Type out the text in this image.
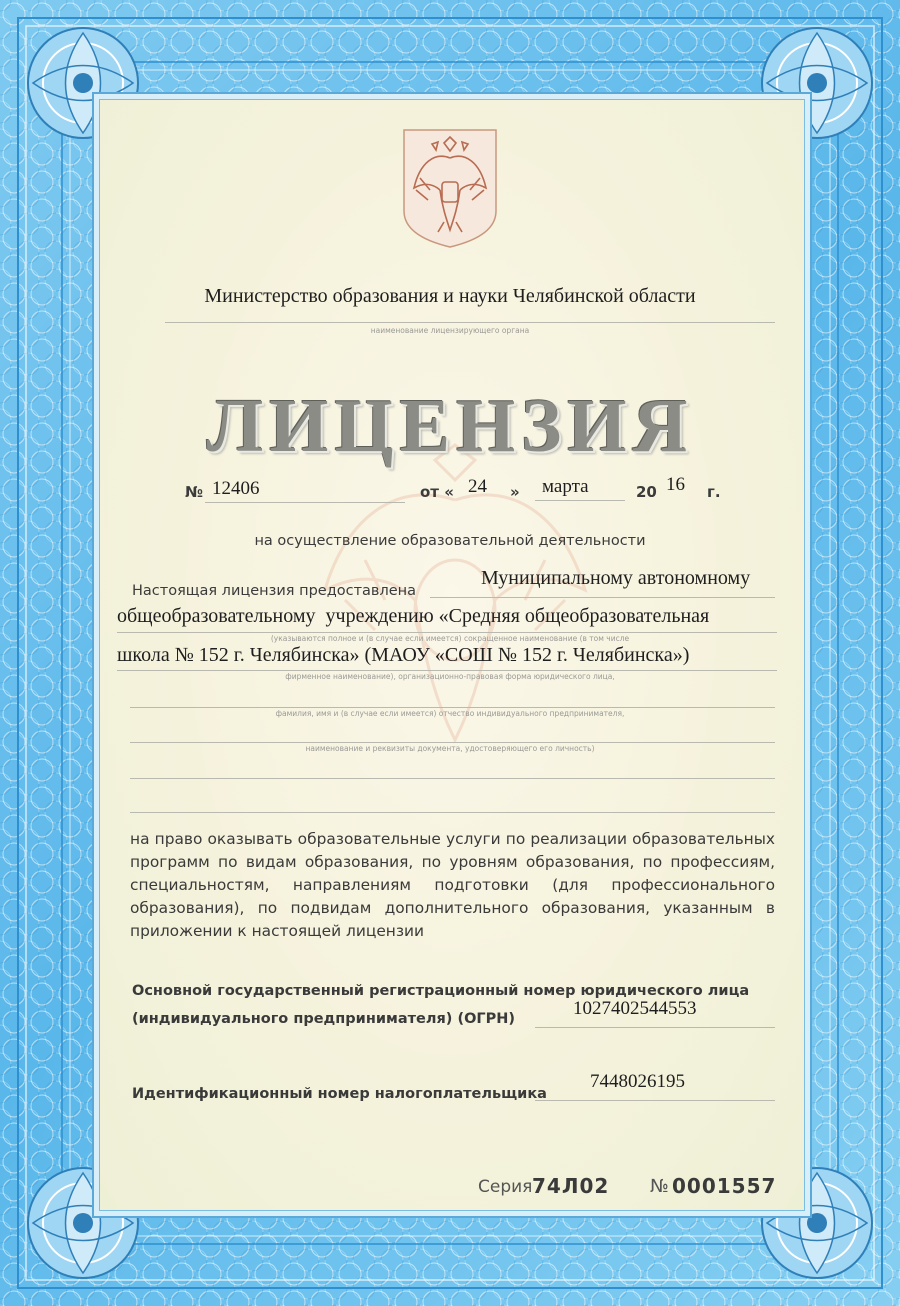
Министерство образования и науки Челябинской области
наименование лицензирующего органа
ЛИЦЕНЗИЯ
№ 12406	от « 24 » марта	20 16 г.
на осуществление образовательной деятельности
Настоящая лицензия предоставлена
Муниципальному автономному
общеобразовательному  учреждению «Средняя общеобразовательная
(указываются полное и (в случае если имеется) сокращенное наименование (в том числе
школа № 152 г. Челябинска» (МАОУ «СОШ № 152 г. Челябинска»)
фирменное наименование), организационно-правовая форма юридического лица,
фамилия, имя и (в случае если имеется) отчество индивидуального предпринимателя,
наименование и реквизиты документа, удостоверяющего его личность)
на право оказывать образовательные услуги по реализации образовательных программ по видам образования, по уровням образования, по профессиям, специальностям, направлениям подготовки (для профессионального образования), по подвидам дополнительного образования, указанным в приложении к настоящей лицензии
Основной государственный регистрационный номер юридического лица
(индивидуального предпринимателя) (ОГРН)	1027402544553
Идентификационный номер налогоплательщика
7448026195
Серия 74Л02 № 0001557
